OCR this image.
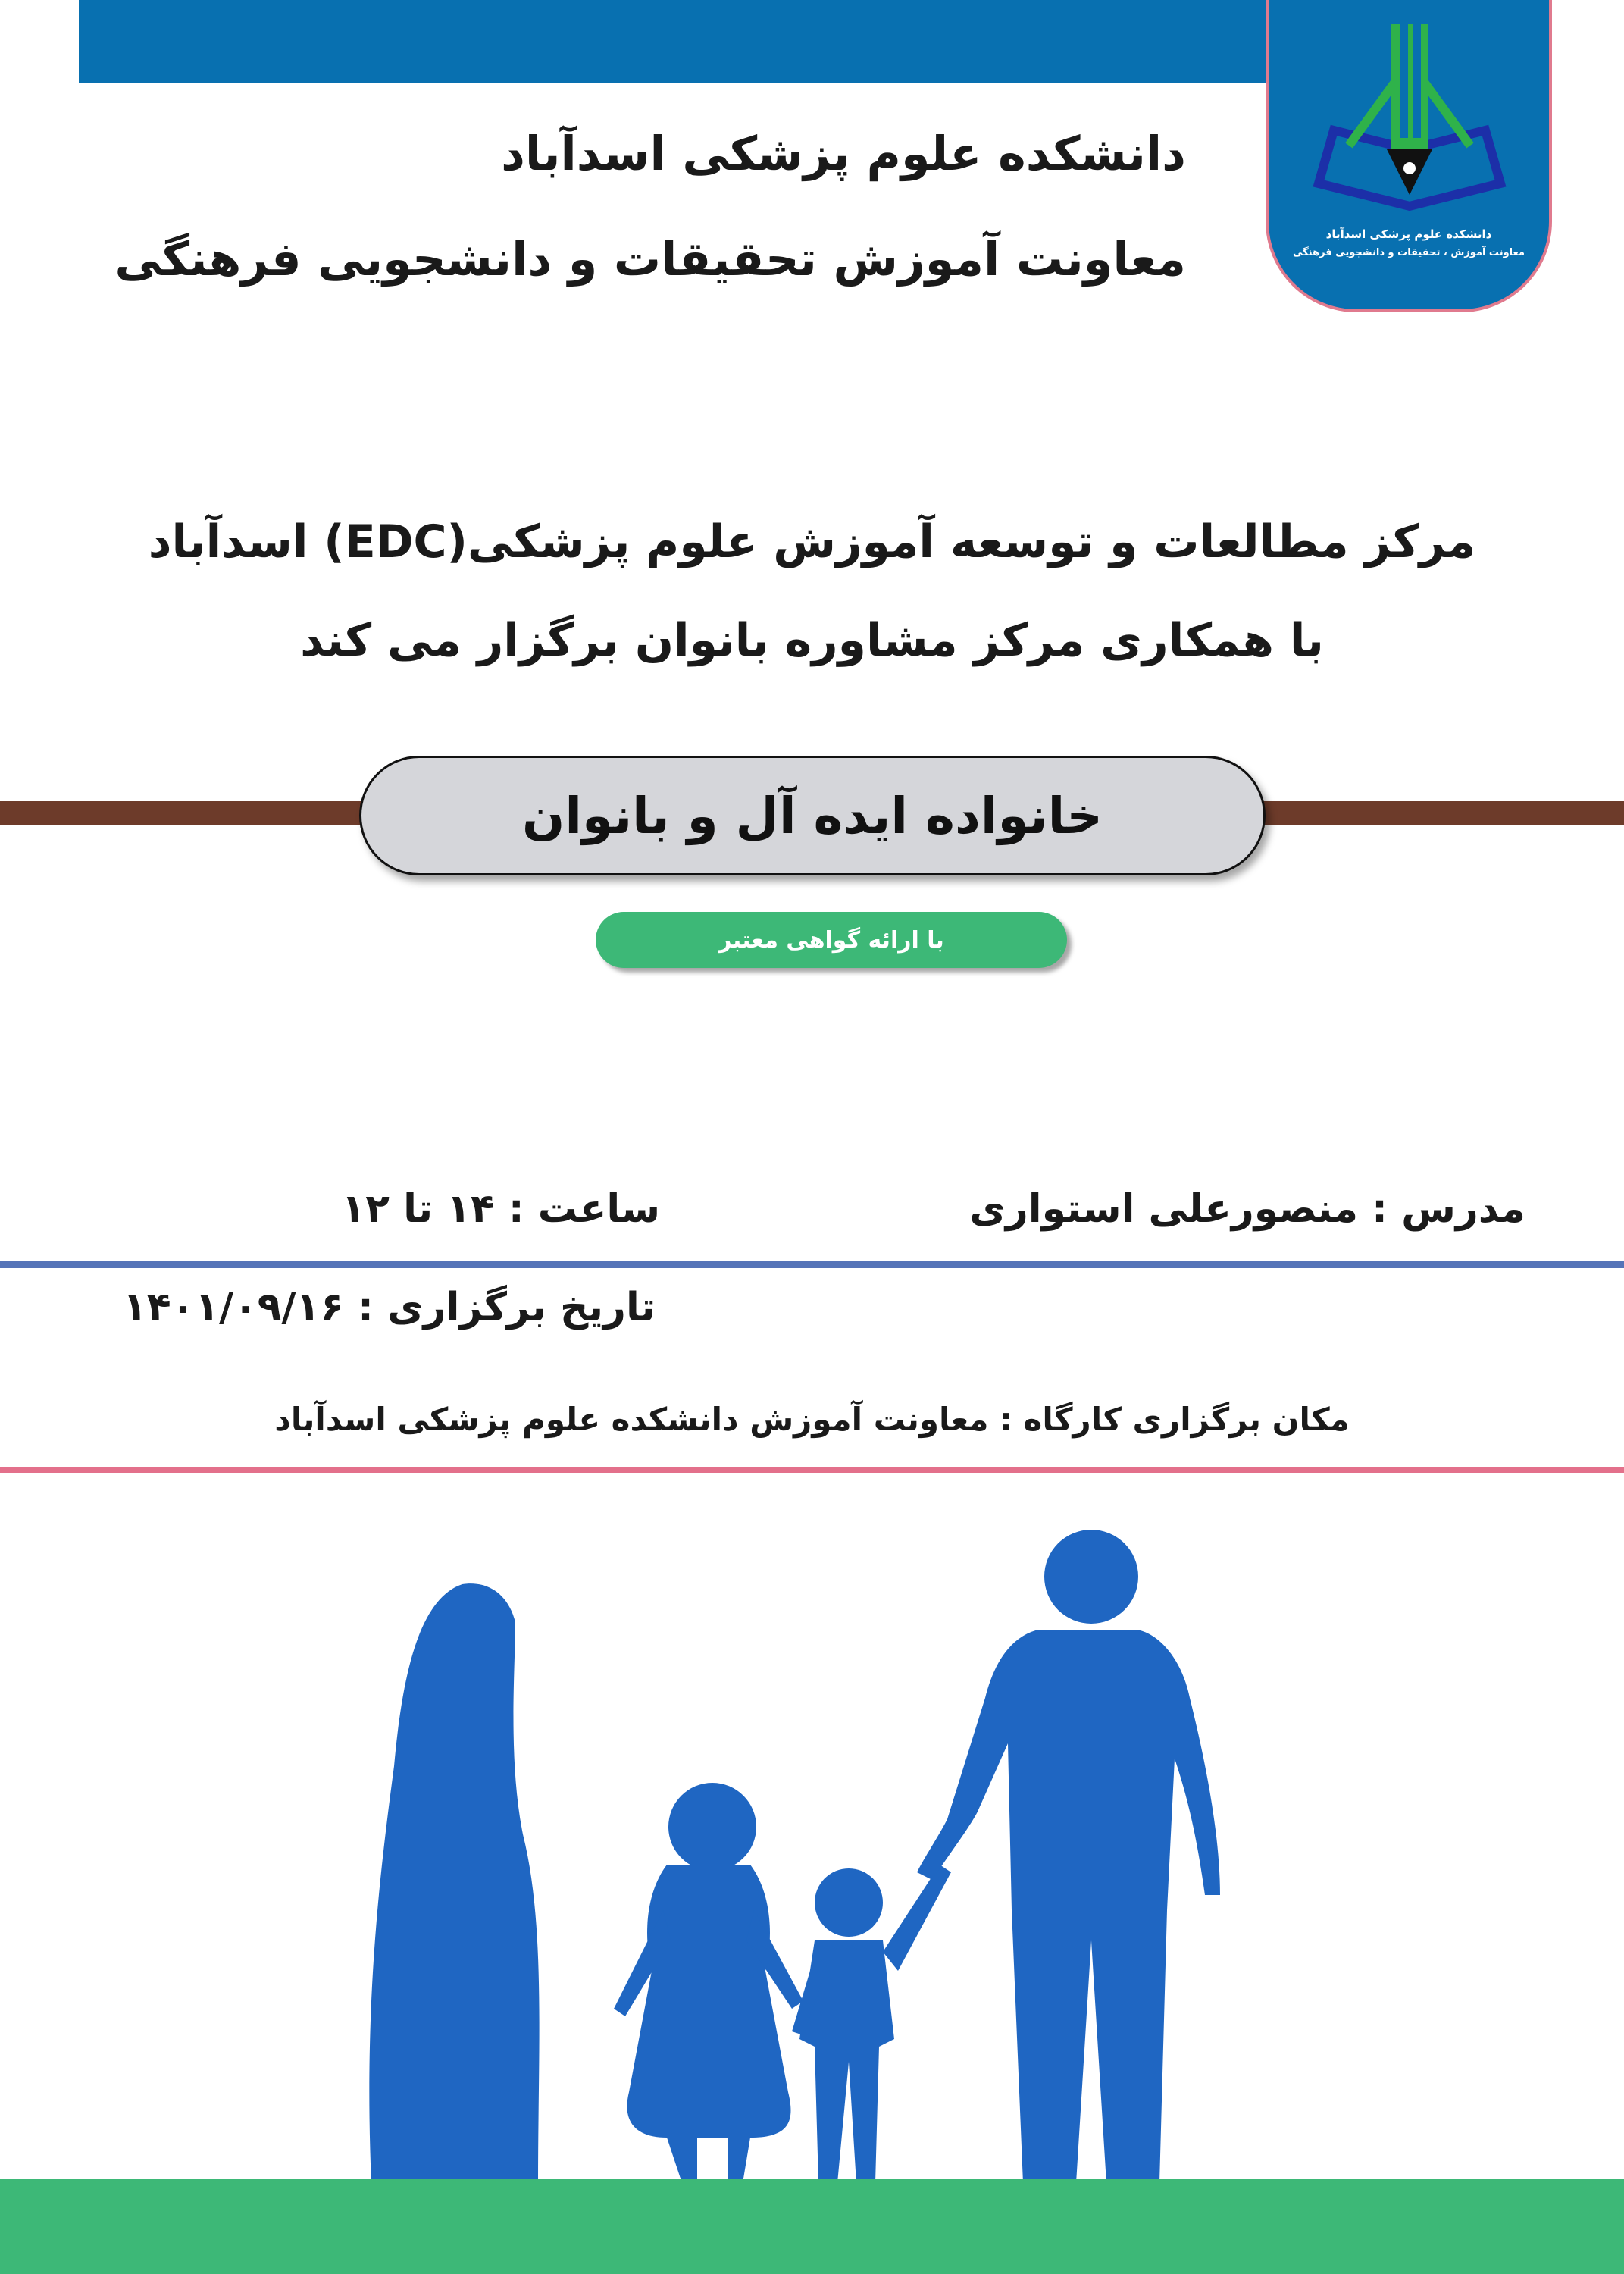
دانشکده علوم پزشکی اسدآباد
معاونت آموزش ، تحقیقات و دانشجویی فرهنگی
دانشکده علوم پزشکی اسدآباد
معاونت آموزش تحقیقات و دانشجویی فرهنگی
مرکز مطالعات و توسعه آموزش علوم پزشکی(EDC) اسدآباد
با همکاری مرکز مشاوره بانوان برگزار می کند
خانواده ایده آل و بانوان
با ارائه گواهی معتبر
مدرس : منصورعلی استواری
ساعت : ۱۴ تا ۱۲
تاریخ برگزاری : ۱۴۰۱/۰۹/۱۶
مکان برگزاری کارگاه : معاونت آموزش دانشکده علوم پزشکی اسدآباد
